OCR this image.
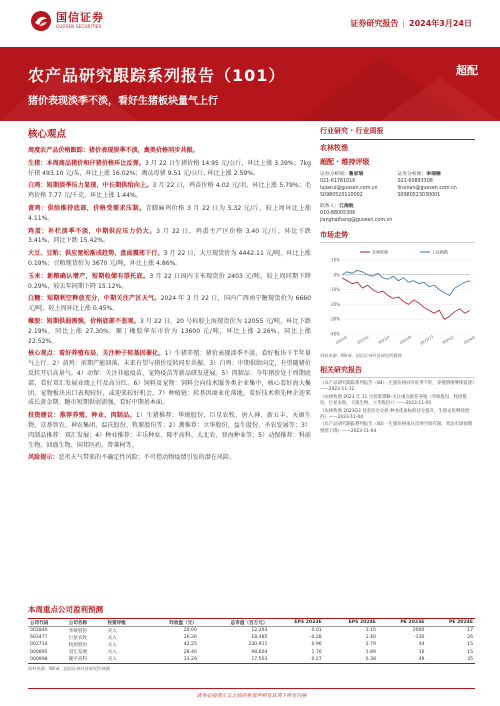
国信证券
GUOSEN SECURITIES	证券研究报告 | 2024年3月24日
农产品研究跟踪系列报告（101）
猪价表现淡季不淡，看好生猪板块量气上行
超配
核心观点
周度农产品价格跟踪：猪价表现淡季不淡，禽类价格同步共振。
生猪：本周商品猪价和仔猪价格环比反弹。3 月 22 日生猪价格 14.95 元/公斤，环比上涨 3.39%；7kg 仔猪 493.10 元/头，环比上涨 16.02%；淘汰母猪 9.51 元/公斤, 环比上涨 2.59%。
白鸡：短期淡季压力显现，中长期供给向上。3 月 22 日，鸡苗价格 4.02 元/羽，环比上涨 5.79%；毛鸡价格 7.77 元/千克，环比上涨 1.44%。
黄鸡：供给维持底部，价格受需求压制。青脚麻鸡价格 3 月 22 日为 5.32 元/斤，较上周环比上涨 4.11%。
鸡蛋：补栏淡季不淡，中期供应压力仍大。3 月 22 日，鸡蛋主产区价格 3.40 元/斤，环比下跌 3.41%，同比下跌 15.42%。
大豆、豆粕：供应宽松渐成趋势，盘面震荡下行。3 月 22 日，大豆现货价为 4442.11 元/吨，环比上涨 0.19%；豆粕现货价为 3670 元/吨，环比上涨 4.86%。
玉米：新粮确认增产，短期收储有望托底。3 月 22 日国内玉米现货价 2403 元/吨，较上周同期下降 0.29%，较去年同期下降 15.12%。
白糖：短期利空释放充分，中期关注产区天气。2024 年 3 月 22 日，国内广西南宁糖现货价为 6660 元/吨，较上周环比上涨 0.45%。
橡胶：短期供弱需强，价格底部不悲观。3 月 22 日，20 号标胶上海现货价为 12055 元/吨，环比下跌 2.19%，同比上涨 27.30%；顺丁橡胶华东市价为 13600 元/吨，环比上涨 2.26%，同比上涨 22.52%。
核心观点：看好养殖布局，关注种子转基因催化。1）生猪养殖：猪价表现淡季不淡，看好板块下半年量气上行。2）黄鸡：前期产能回落，未来有望与猪价反转同步共振。3）白鸡：中期供给向定，有望随猪价反转开启高景气。4）动保：关注非瘟疫苗、宠物疫苗等新品研发进展。5）肉制品：今年猪价处于周期底部，看好双汇发展业绩上行及高分红。6）饲料及宠物：饲料会向技术服务类企业集中，核心看好海大集团。宠物板块出口表现较好，或迎来较好机会。7）种植链：转基因商业化落地，看好技术领先种企迎来成长黄金期。糖市短期供弱需强，看好中期基本面。
投资建议：推荐养殖、种业、肉制品。1）生猪推荐：华统股份、巨星农牧、唐人神、新五丰、天康生物、京基智农、神农集团、温氏股份、牧原股份等；2）禽推荐：立华股份、益生股份、圣农发展等；3）肉制品推荐：双汇发展；4）种业推荐：丰乐种业、隆平高科、大北农、登海种业等；5）动保推荐：科前生物、回盛生物、国邦医药、普莱柯等。
风险提示：恶劣天气带来的不确定性风险；不可控动物疫情引发的潜在风险。
行业研究 · 行业周报
农林牧渔
超配 · 维持评级
证券分析师：鲁家瑞
021-61761016
lujiarui@guosen.com.cn
S0980520110002
证券分析师：李瑞楠
021-60893308
liruinan@guosen.com.cn
S0980523030001
联系人：江海航
010-88005306
jianghaihang@guosen.com.cn
市场走势
10%
0%
-10%
-20%
-30%
-40%
2023/3 2023/5 2023/7 2023/9 2023/11 2024/1 2024/3
农林牧渔	上证指数
资料来源：Wind、国信证券经济研究所整理
相关研究报告
《农产品研究跟踪系列报告（84）-生猪价格回升旺季不旺，养殖情绪继续低迷》——2023-11-12
《农林牧渔 2023 年 11 月投资策略-关注重点推荐养殖（华统股份，牧原股份，巨星农牧，天康生物，立华股份）》——2023-11-05
《农林牧渔 2023Q3 基金持仓分析-种业优质标的持仓提升，生猪去化继续增持》——2023-11-04
《农产品研究跟踪系列报告（83）-生猪价格承压反弹空间有限，周边市场预期情绪下降》——2023-11-04
本周重点公司盈利预测
公司代码	公司名称	投资评级	昨收盘（元）	总市值（百万元）	EPS 2023E	EPS 2024E	PE 2023E	PE 2024E
002840	华统股份	买入	20.00	12,293	0.01	1.15	2000	17
603477	巨星农牧	买入	26.26	18,485	-0.28	1.40	-130	26
002714	牧原股份	买入	42.25	230,911	0.96	2.79	44	15
000895	双汇发展	买入	28.46	98,604	1.76	1.89	16	15
000998	隆平高科	买入	13.29	17,503	0.27	0.38	49	35
资料来源：Wind、国信证券经济研究所预测
请务必阅读正文之后的免责声明及其项下所有内容
